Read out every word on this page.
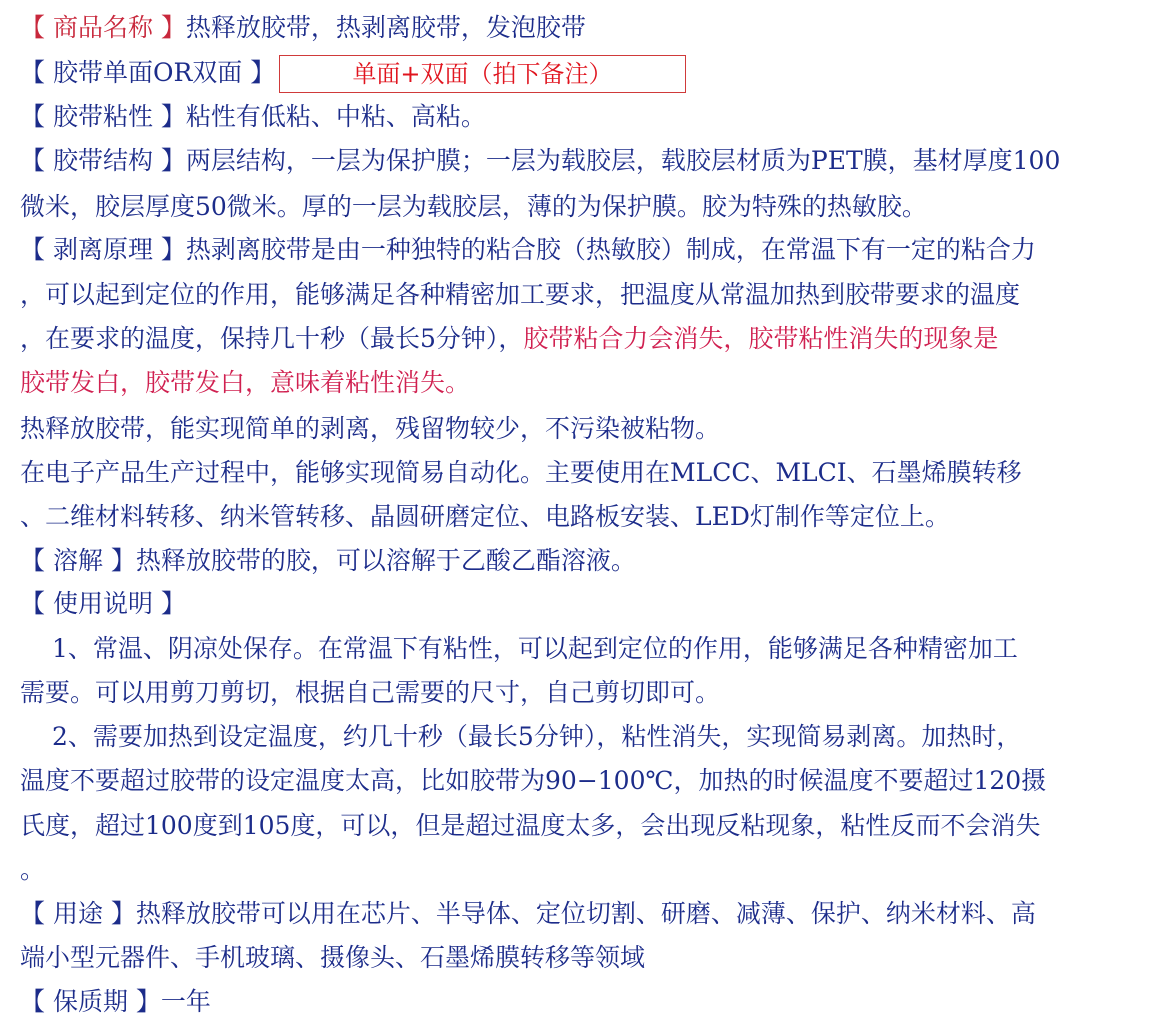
【 商品名称 】热释放胶带，热剥离胶带，发泡胶带
【 胶带单面OR双面 】	单面+双面（拍下备注）
【 胶带粘性 】粘性有低粘、中粘、高粘。
【 胶带结构 】两层结构，一层为保护膜；一层为载胶层，载胶层材质为PET膜，基材厚度100
微米，胶层厚度50微米。厚的一层为载胶层，薄的为保护膜。胶为特殊的热敏胶。
【 剥离原理 】热剥离胶带是由一种独特的粘合胶（热敏胶）制成，在常温下有一定的粘合力
，可以起到定位的作用，能够满足各种精密加工要求，把温度从常温加热到胶带要求的温度
，在要求的温度，保持几十秒（最长5分钟），胶带粘合力会消失，胶带粘性消失的现象是
胶带发白，胶带发白，意味着粘性消失。
热释放胶带，能实现简单的剥离，残留物较少，不污染被粘物。
在电子产品生产过程中，能够实现简易自动化。主要使用在MLCC、MLCI、石墨烯膜转移
、二维材料转移、纳米管转移、晶圆研磨定位、电路板安装、LED灯制作等定位上。
【 溶解 】热释放胶带的胶，可以溶解于乙酸乙酯溶液。
【 使用说明 】
1、常温、阴凉处保存。在常温下有粘性，可以起到定位的作用，能够满足各种精密加工
需要。可以用剪刀剪切，根据自己需要的尺寸，自己剪切即可。
2、需要加热到设定温度，约几十秒（最长5分钟），粘性消失，实现简易剥离。加热时，
温度不要超过胶带的设定温度太高，比如胶带为90−100℃，加热的时候温度不要超过120摄
氏度，超过100度到105度，可以，但是超过温度太多，会出现反粘现象，粘性反而不会消失
。
【 用途 】热释放胶带可以用在芯片、半导体、定位切割、研磨、减薄、保护、纳米材料、高
端小型元器件、手机玻璃、摄像头、石墨烯膜转移等领域
【 保质期 】一年
